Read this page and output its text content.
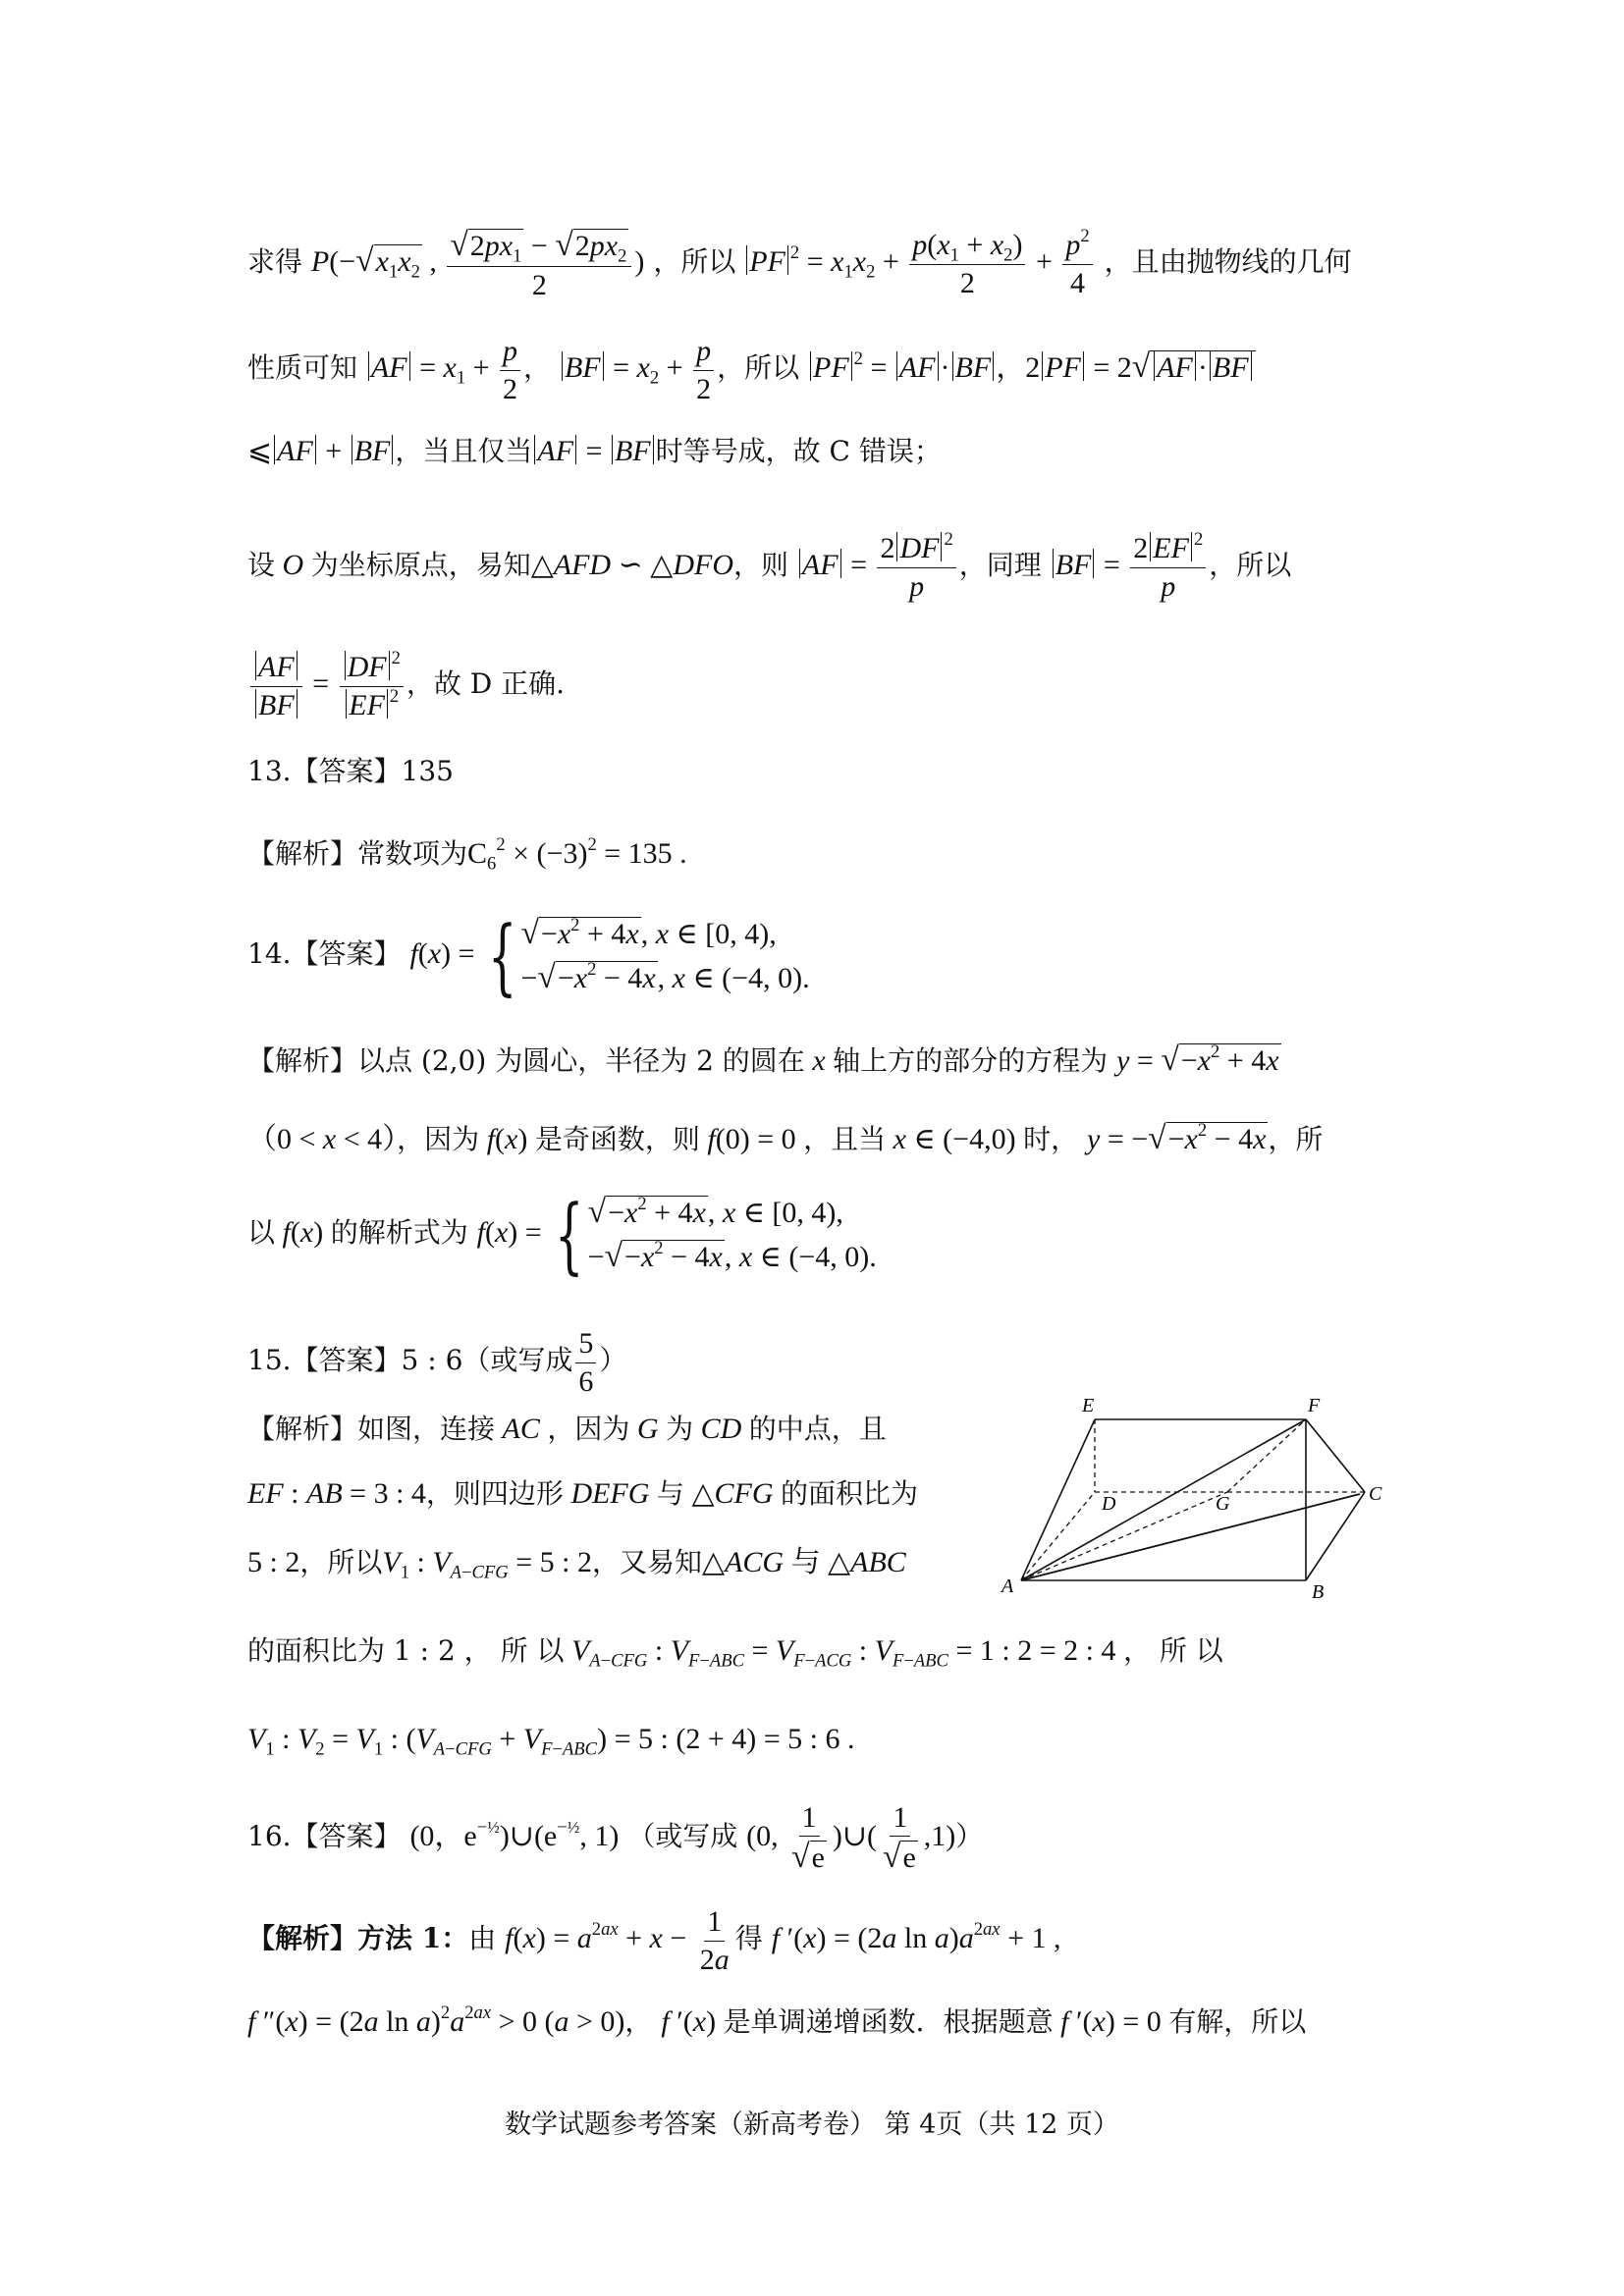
求得 $P(-√x_1x_2$ , $\frac{√2px_1 - √2px_2}{2}$ ) ，所以 PF $^2 = x_1x_2 + \frac{p(x_1 + x_2)}{2} + \frac{p^2}{4}$ ，且由抛物线的几何
性质可知 AF = $x_1 + \frac{p}{2}$ ， BF = $x_2 + \frac{p}{2}$ ，所以 PF $^2$ = AF · BF ，2 PF = 2√ AF · BF
⩽ AF + BF ，当且仅当 AF = BF 时等号成，故 C 错误；
设 O 为坐标原点，易知△AFD ∽ △DFO，则 AF = $\frac{2 DF ^2}{p}$ ，同理 BF = $\frac{2 EF ^2}{p}$ ，所以
$\frac{AF}{BF} = \frac{DF ^2}{EF ^2}$ ，故 D 正确.
13.【答案】135
【解析】常数项为$C_6^2 \times (-3)^2 = 135$ .
14.【答案】 f(x) = { $√-x^2 + 4x$, x ∈ [0, 4),
$-√-x^2 - 4x$, x ∈ (−4, 0).
【解析】以点 (2,0) 为圆心，半径为 2 的圆在 x 轴上方的部分的方程为 $y = √-x^2 + 4x$
（0 < x < 4），因为 f(x) 是奇函数，则 f(0) = 0 ，且当 x ∈ (−4,0) 时， $y = -√-x^2 - 4x$，所
以 f(x) 的解析式为 f(x) = { $√-x^2 + 4x$, x ∈ [0, 4),
$-√-x^2 - 4x$, x ∈ (−4, 0).
15.【答案】5 : 6（或写成 $\frac{5}{6}$ ）
【解析】如图，连接 AC ，因为 G 为 CD 的中点，且
EF : AB = 3 : 4，则四边形 DEFG 与 △CFG 的面积比为
5 : 2，所以$V_1$ : $V_{A-CFG} = 5$ : 2，又易知△ACG 与 △ABC
E	F
D	G	C
A	B
的面积比为 1 : 2 ， 所 以 $V_{A-CFG}$ : $V_{F-ABC} = V_{F-ACG}$ : $V_{F-ABC} = 1$ : 2 = 2 : 4 ， 所 以
$V_1$ : $V_2 = V_1$ : $(V_{A-CFG} + V_{F-ABC}) = 5$ : (2 + 4) = 5 : 6 .
16.【答案】 (0，$e^{-\frac{1}{2}})\cup(e^{-\frac{1}{2}}$, 1) （或写成 (0, $\frac{1}{√e}$ )∪( $\frac{1}{√e} ,1$)）
【解析】方法 1：由 $f(x) = a^{2ax} + x - \frac{1}{2a}$ 得 f ′(x) = (2a $\ln a)a^{2ax} + 1$ ,
f ″(x) = (2a $\ln a)^2a^{2ax} > 0$ (a > 0)， f ′(x) 是单调递增函数．根据题意 f ′(x) = 0 有解，所以
数学试题参考答案（新高考卷） 第 4页（共 12 页）
